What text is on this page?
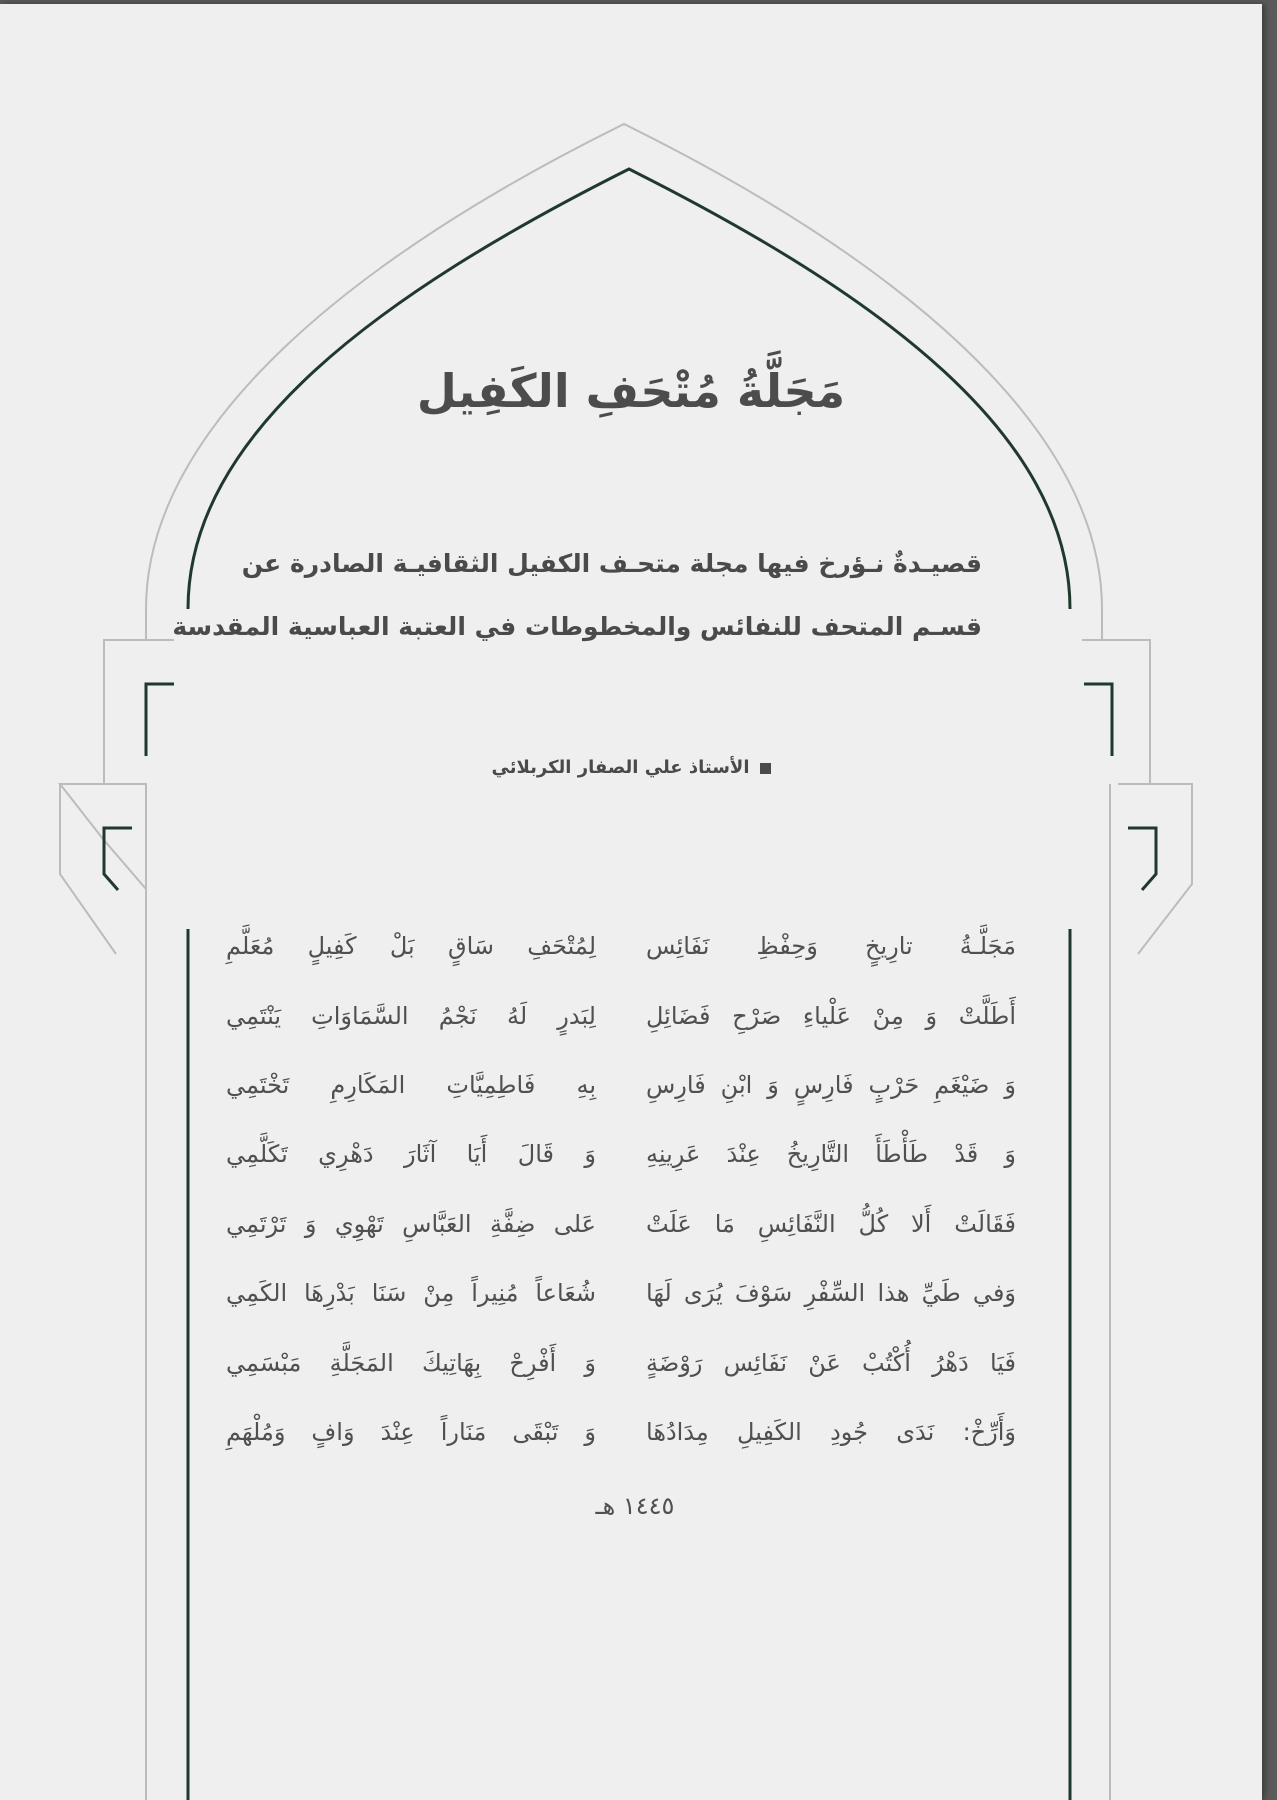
مَجَلَّةُ مُتْحَفِ الكَفِيل
قصيـدةٌ نـؤرخ فيها مجلة متحـف الكفيل الثقافيـة الصادرة عن
قسـم المتحف للنفائس والمخطوطات في العتبة العباسية المقدسة
الأستاذ علي الصفار الكربلائي
مَجَلَّـةُ تارِيخٍ وَحِفْظِ نَفَائِس
لِمُتْحَفِ سَاقٍ بَلْ كَفِيلٍ مُعَلَّمِ
أَطَلَّتْ وَ مِنْ عَلْياءِ صَرْحِ فَضَائِلِ
لِبَدرٍ لَهُ نَجْمُ السَّمَاوَاتِ يَنْتَمِي
وَ ضَيْغَمِ حَرْبٍ فَارِسٍ وَ ابْنِ فَارِسِ
بِهِ فَاطِمِيَّاتِ المَكَارِمِ تَخْتَمِي
وَ قَدْ طَأْطَأَ التَّارِيخُ عِنْدَ عَرِينِهِ
وَ قَالَ أَيَا آثَارَ دَهْرِي تَكَلَّمِي
فَقَالَتْ أَلا كُلُّ النَّفَائِسِ مَا عَلَتْ
عَلى ضِفَّةِ العَبَّاسِ تَهْوِي وَ تَرْتَمِي
وَفي طَيِّ هذا السِّفْرِ سَوْفَ يُرَى لَهَا
شُعَاعاً مُنِيراً مِنْ سَنَا بَدْرِهَا الكَمِي
فَيَا دَهْرُ أُكْتُبْ عَنْ نَفَائِس رَوْضَةٍ
وَ أَفْرِحْ بِهَاتِيكَ المَجَلَّةِ مَبْسَمِي
وَأَرِّخْ: نَدَى جُودِ الكَفِيلِ مِدَادُهَا
وَ تَبْقَى مَنَاراً عِنْدَ وَافٍ وَمُلْهَمِ
١٤٤٥ هـ
